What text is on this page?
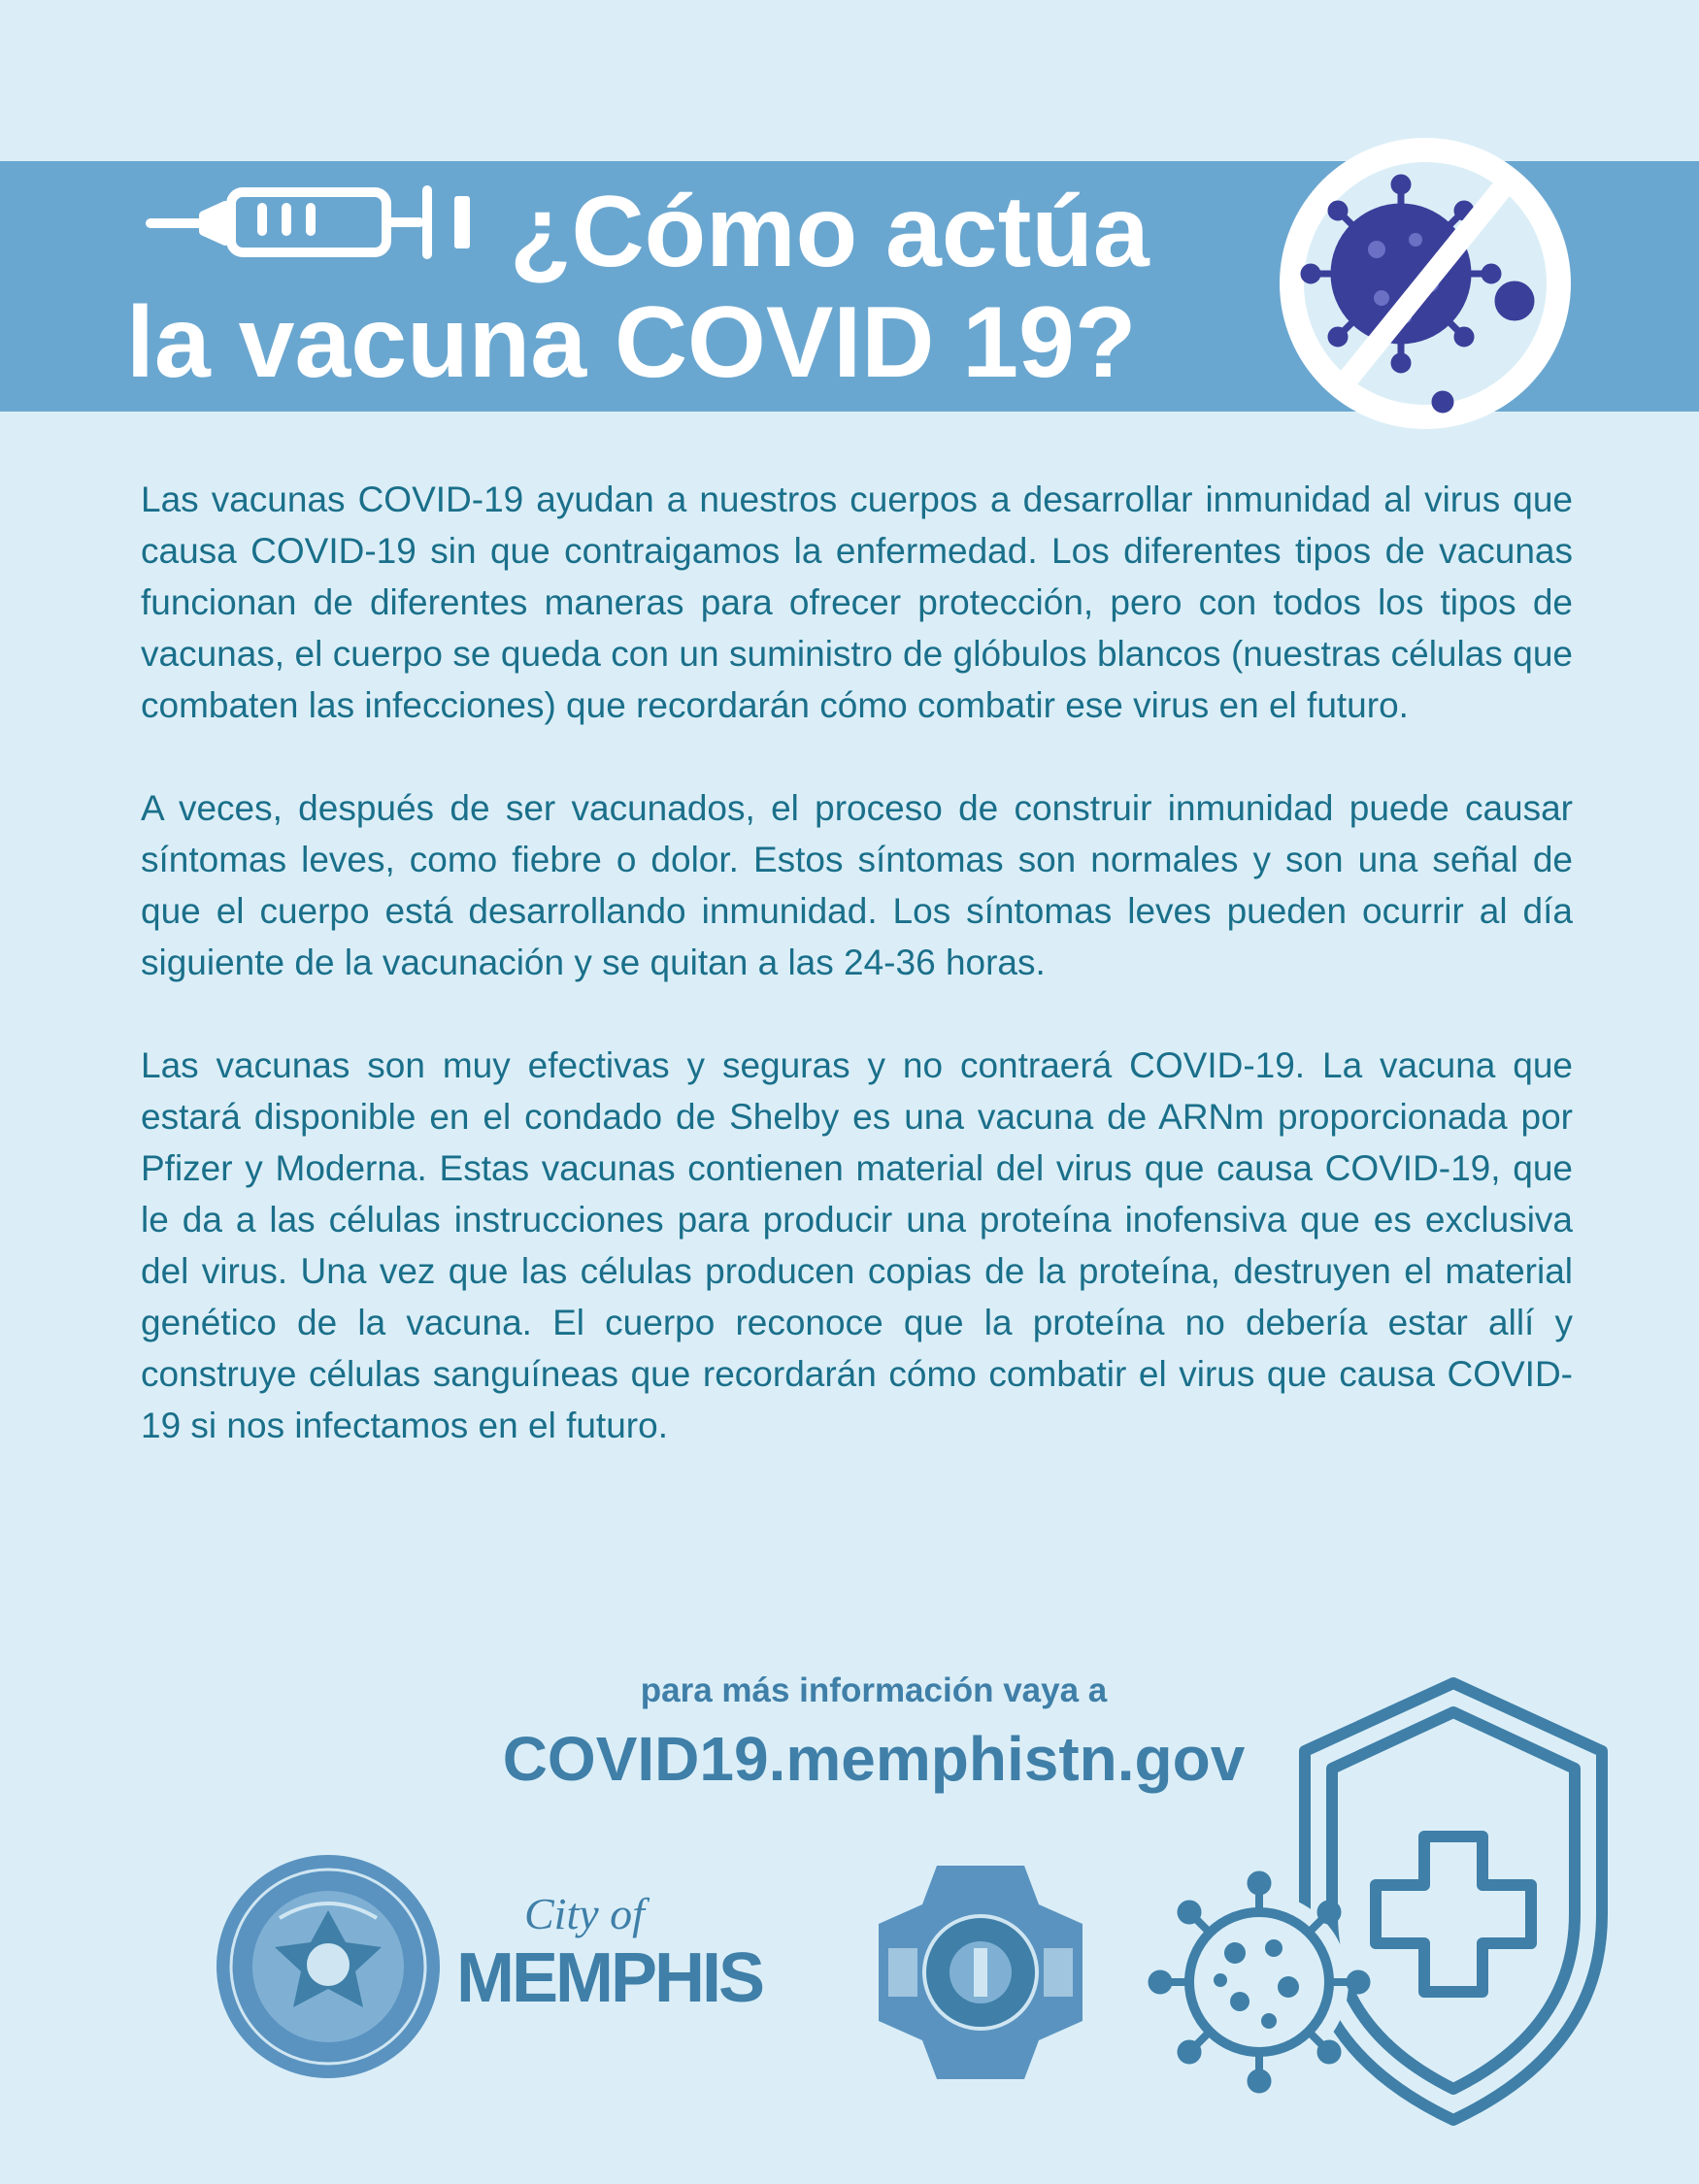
¿Cómo actúa
la vacuna COVID 19?

Las vacunas COVID-19 ayudan a nuestros cuerpos a desarrollar inmunidad al virus que causa COVID-19 sin que contraigamos la enfermedad. Los diferentes tipos de vacunas funcionan de diferentes maneras para ofrecer protección, pero con todos los tipos de vacunas, el cuerpo se queda con un suministro de glóbulos blancos (nuestras células que combaten las infecciones) que recordarán cómo combatir ese virus en el futuro.

A veces, después de ser vacunados, el proceso de construir inmunidad puede causar síntomas leves, como fiebre o dolor. Estos síntomas son normales y son una señal de que el cuerpo está desarrollando inmunidad. Los síntomas leves pueden ocurrir al día siguiente de la vacunación y se quitan a las 24-36 horas.

Las vacunas son muy efectivas y seguras y no contraerá COVID-19. La vacuna que estará disponible en el condado de Shelby es una vacuna de ARNm proporcionada por Pfizer y Moderna. Estas vacunas contienen material del virus que causa COVID-19, que le da a las células instrucciones para producir una proteína inofensiva que es exclusiva del virus. Una vez que las células producen copias de la proteína, destruyen el material genético de la vacuna. El cuerpo reconoce que la proteína no debería estar allí y construye células sanguíneas que recordarán cómo combatir el virus que causa COVID-19 si nos infectamos en el futuro.

para más información vaya a
COVID19.memphistn.gov
City of
MEMPHIS
